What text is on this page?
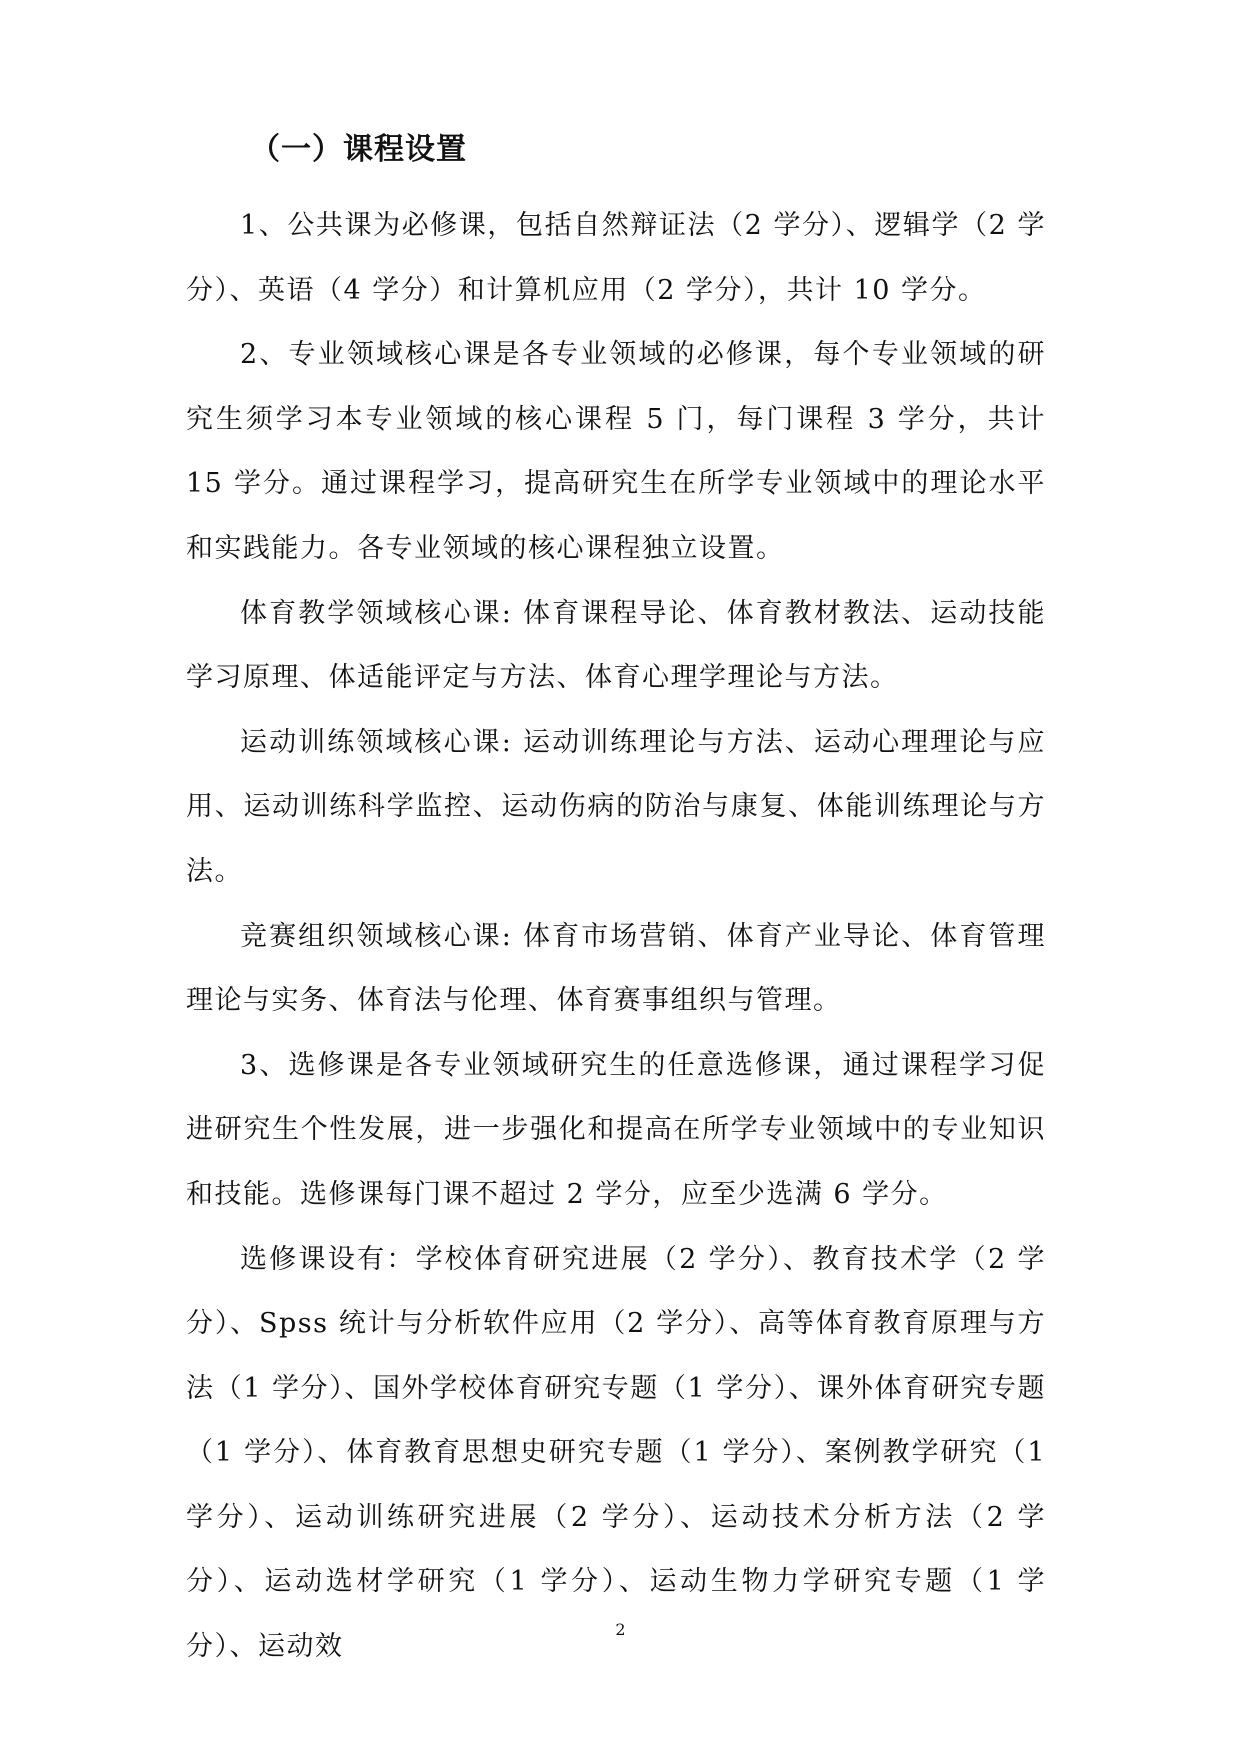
（一）课程设置

1、公共课为必修课，包括自然辩证法（2 学分）、逻辑学（2 学分）、英语（4 学分）和计算机应用（2 学分），共计 10 学分。

2、专业领域核心课是各专业领域的必修课，每个专业领域的研究生须学习本专业领域的核心课程 5 门，每门课程 3 学分，共计 15 学分。通过课程学习，提高研究生在所学专业领域中的理论水平和实践能力。各专业领域的核心课程独立设置。

体育教学领域核心课: 体育课程导论、体育教材教法、运动技能学习原理、体适能评定与方法、体育心理学理论与方法。

运动训练领域核心课: 运动训练理论与方法、运动心理理论与应用、运动训练科学监控、运动伤病的防治与康复、体能训练理论与方法。

竞赛组织领域核心课: 体育市场营销、体育产业导论、体育管理理论与实务、体育法与伦理、体育赛事组织与管理。

3、选修课是各专业领域研究生的任意选修课，通过课程学习促进研究生个性发展，进一步强化和提高在所学专业领域中的专业知识和技能。选修课每门课不超过 2 学分，应至少选满 6 学分。

选修课设有：学校体育研究进展（2 学分）、教育技术学（2 学分）、Spss 统计与分析软件应用（2 学分）、高等体育教育原理与方法（1 学分）、国外学校体育研究专题（1 学分）、课外体育研究专题（1 学分）、体育教育思想史研究专题（1 学分）、案例教学研究（1 学分）、运动训练研究进展（2 学分）、运动技术分析方法（2 学分）、运动选材学研究（1 学分）、运动生物力学研究专题（1 学分）、运动效

2
